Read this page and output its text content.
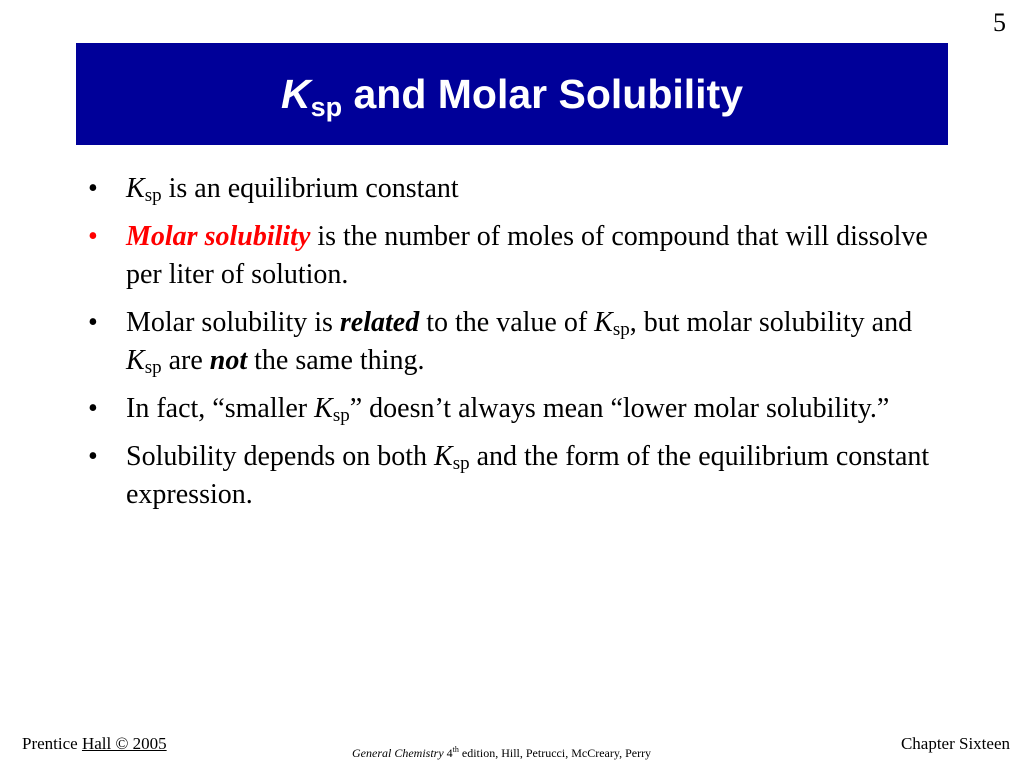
5
$K_{sp}$ and Molar Solubility
• $K_{sp}$ is an equilibrium constant
• Molar solubility is the number of moles of compound that will dissolve per liter of solution.
• Molar solubility is related to the value of $K_{sp}$, but molar solubility and $K_{sp}$ are not the same thing.
• In fact, “smaller $K_{sp}$” doesn’t always mean “lower molar solubility.”
• Solubility depends on both $K_{sp}$ and the form of the equilibrium constant expression.
Prentice Hall © 2005	General Chemistry 4th edition, Hill, Petrucci, McCreary, Perry	Chapter Sixteen
